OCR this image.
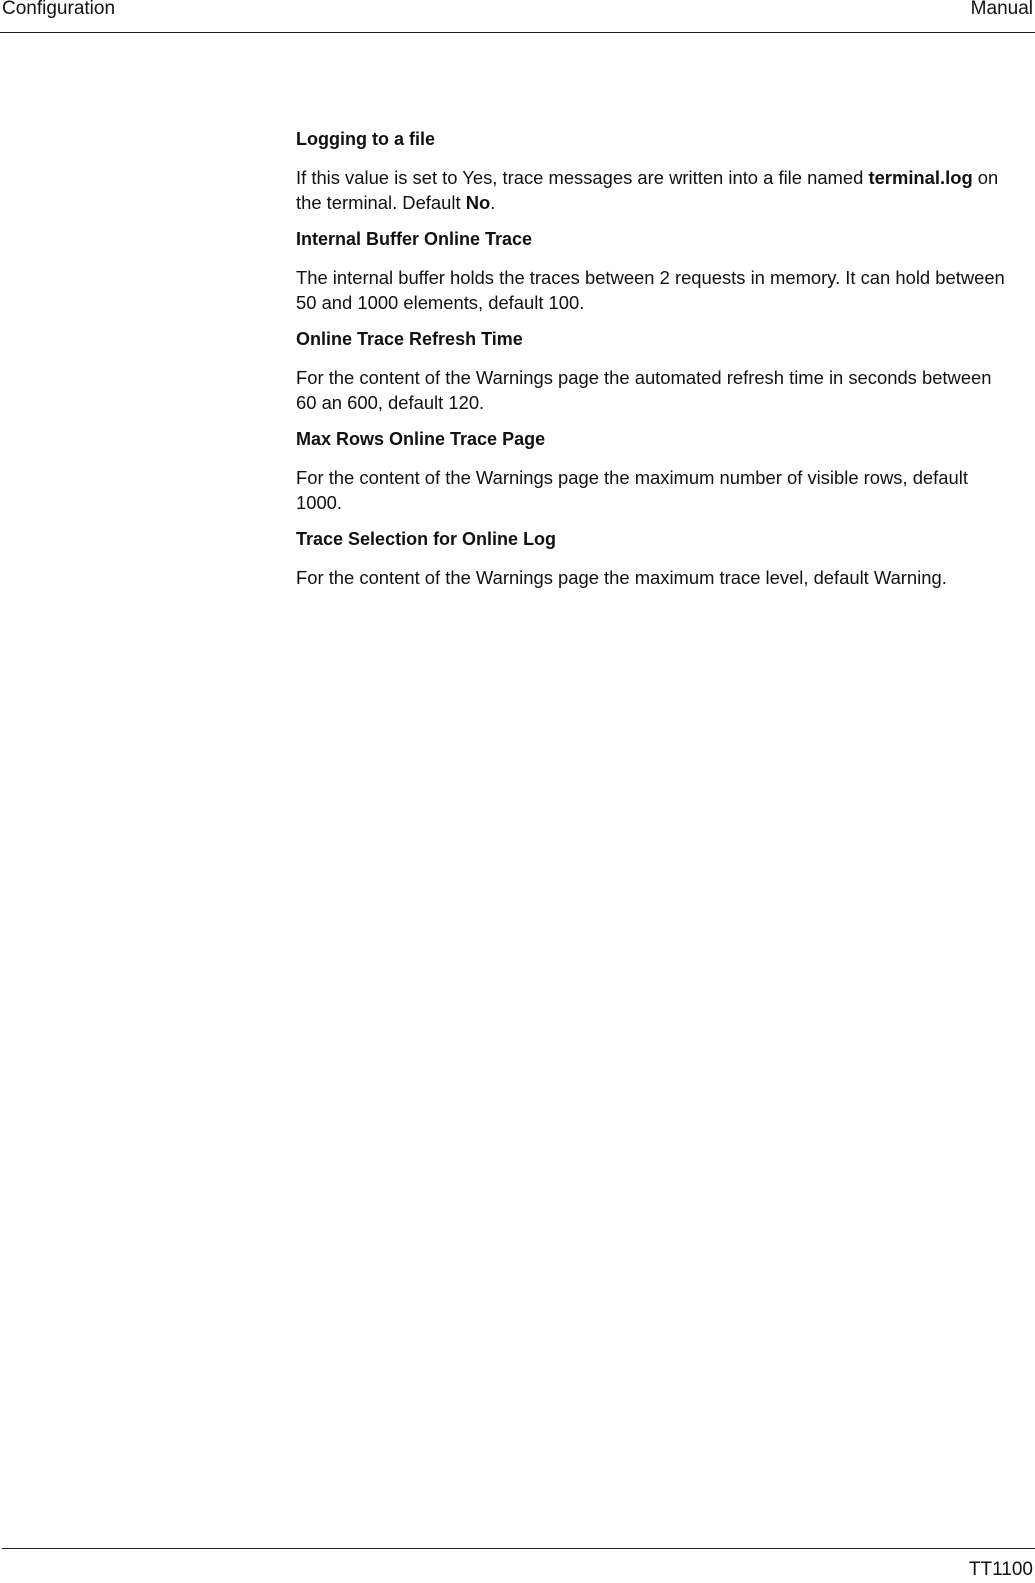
Configuration	Manual
Logging to a file
If this value is set to Yes, trace messages are written into a file named terminal.log on the terminal. Default No.
Internal Buffer Online Trace
The internal buffer holds the traces between 2 requests in memory. It can hold between 50 and 1000 elements, default 100.
Online Trace Refresh Time
For the content of the Warnings page the automated refresh time in seconds between 60 an 600, default 120.
Max Rows Online Trace Page
For the content of the Warnings page the maximum number of visible rows, default 1000.
Trace Selection for Online Log
For the content of the Warnings page the maximum trace level, default Warning.
TT1100
